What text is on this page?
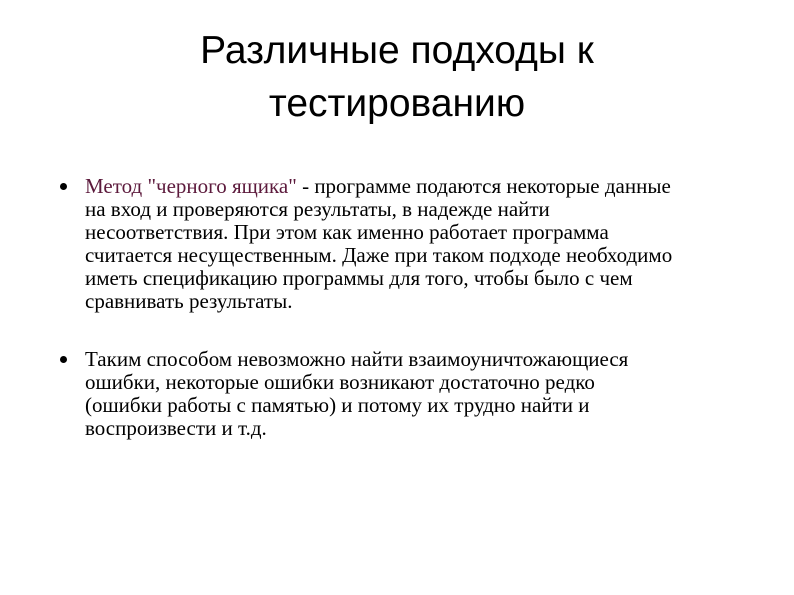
Различные подходы к
тестированию
Метод "черного ящика" - программе подаются некоторые данные
на вход и проверяются результаты, в надежде найти
несоответствия. При этом как именно работает программа
считается несущественным. Даже при таком подходе необходимо
иметь спецификацию программы для того, чтобы было с чем
сравнивать результаты.
Таким способом невозможно найти взаимоуничтожающиеся
ошибки, некоторые ошибки возникают достаточно редко
(ошибки работы с памятью) и потому их трудно найти и
воспроизвести и т.д.
